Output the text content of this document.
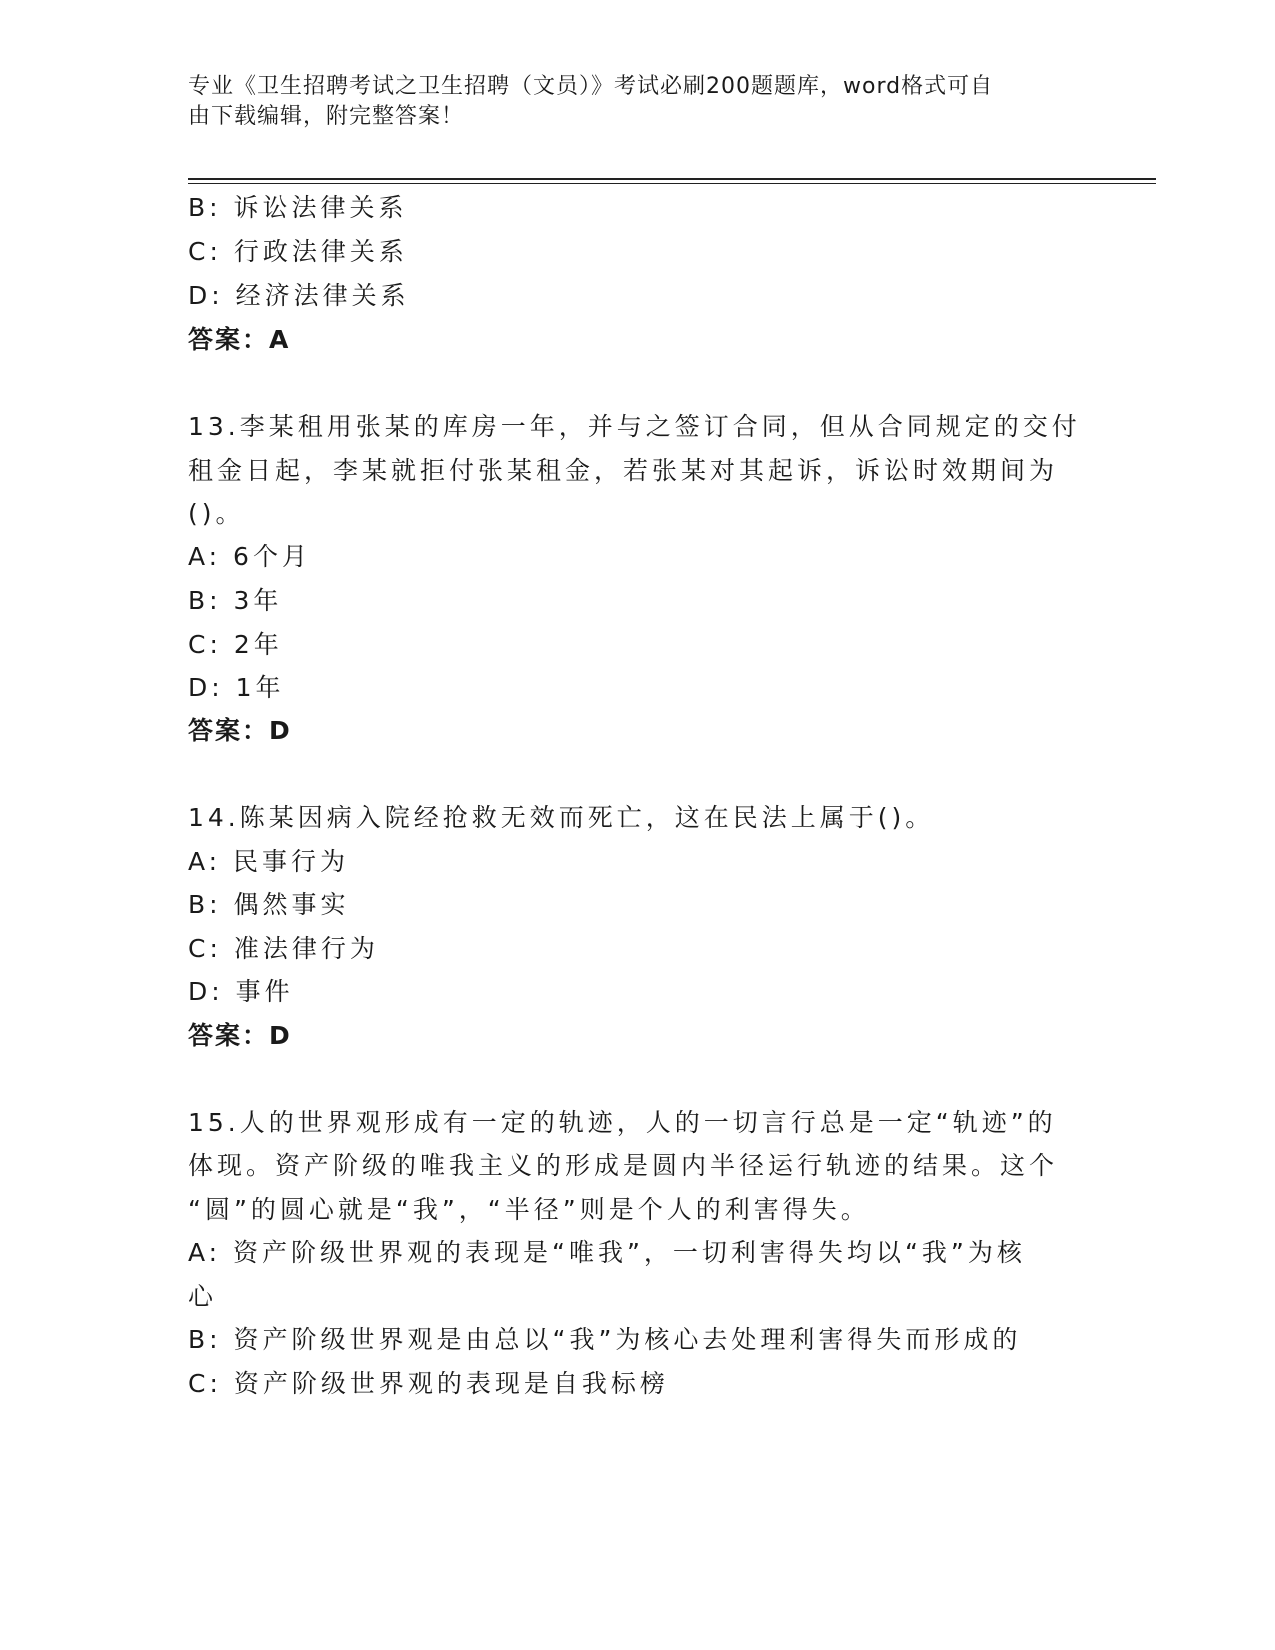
专业《卫生招聘考试之卫生招聘（文员）》考试必刷200题题库，word格式可自
由下载编辑，附完整答案！
B: 诉讼法律关系
C: 行政法律关系
D: 经济法律关系
答案：A
13.李某租用张某的库房一年，并与之签订合同，但从合同规定的交付
租金日起，李某就拒付张某租金，若张某对其起诉，诉讼时效期间为
()。
A: 6个月
B: 3年
C: 2年
D: 1年
答案：D
14.陈某因病入院经抢救无效而死亡，这在民法上属于()。
A: 民事行为
B: 偶然事实
C: 准法律行为
D: 事件
答案：D
15.人的世界观形成有一定的轨迹，人的一切言行总是一定“轨迹”的
体现。资产阶级的唯我主义的形成是圆内半径运行轨迹的结果。这个
“圆”的圆心就是“我”，“半径”则是个人的利害得失。
A: 资产阶级世界观的表现是“唯我”，一切利害得失均以“我”为核
心
B: 资产阶级世界观是由总以“我”为核心去处理利害得失而形成的
C: 资产阶级世界观的表现是自我标榜
